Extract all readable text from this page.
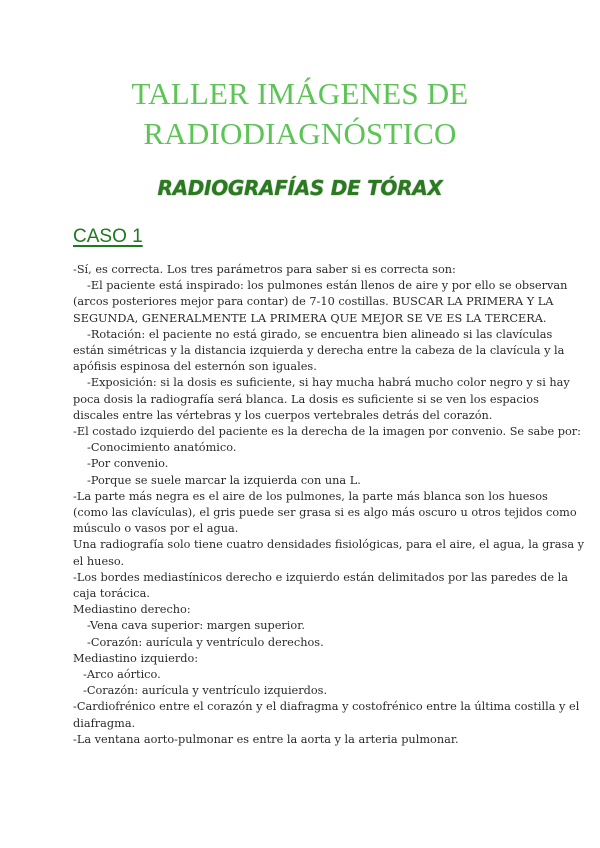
TALLER IMÁGENES DE
RADIODIAGNÓSTICO
RADIOGRAFÍAS DE TÓRAX
CASO 1
-Sí, es correcta. Los tres parámetros para saber si es correcta son:
-El paciente está inspirado: los pulmones están llenos de aire y por ello se observan
(arcos posteriores mejor para contar) de 7-10 costillas. BUSCAR LA PRIMERA Y LA
SEGUNDA, GENERALMENTE LA PRIMERA QUE MEJOR SE VE ES LA TERCERA.
-Rotación: el paciente no está girado, se encuentra bien alineado si las clavículas
están simétricas y la distancia izquierda y derecha entre la cabeza de la clavícula y la
apófisis espinosa del esternón son iguales.
-Exposición: si la dosis es suficiente, si hay mucha habrá mucho color negro y si hay
poca dosis la radiografía será blanca. La dosis es suficiente si se ven los espacios
discales entre las vértebras y los cuerpos vertebrales detrás del corazón.
-El costado izquierdo del paciente es la derecha de la imagen por convenio. Se sabe por:
-Conocimiento anatómico.
-Por convenio.
-Porque se suele marcar la izquierda con una L.
-La parte más negra es el aire de los pulmones, la parte más blanca son los huesos
(como las clavículas), el gris puede ser grasa si es algo más oscuro u otros tejidos como
músculo o vasos por el agua.
Una radiografía solo tiene cuatro densidades fisiológicas, para el aire, el agua, la grasa y
el hueso.
-Los bordes mediastínicos derecho e izquierdo están delimitados por las paredes de la
caja torácica.
Mediastino derecho:
-Vena cava superior: margen superior.
-Corazón: aurícula y ventrículo derechos.
Mediastino izquierdo:
-Arco aórtico.
-Corazón: aurícula y ventrículo izquierdos.
-Cardiofrénico entre el corazón y el diafragma y costofrénico entre la última costilla y el
diafragma.
-La ventana aorto-pulmonar es entre la aorta y la arteria pulmonar.
